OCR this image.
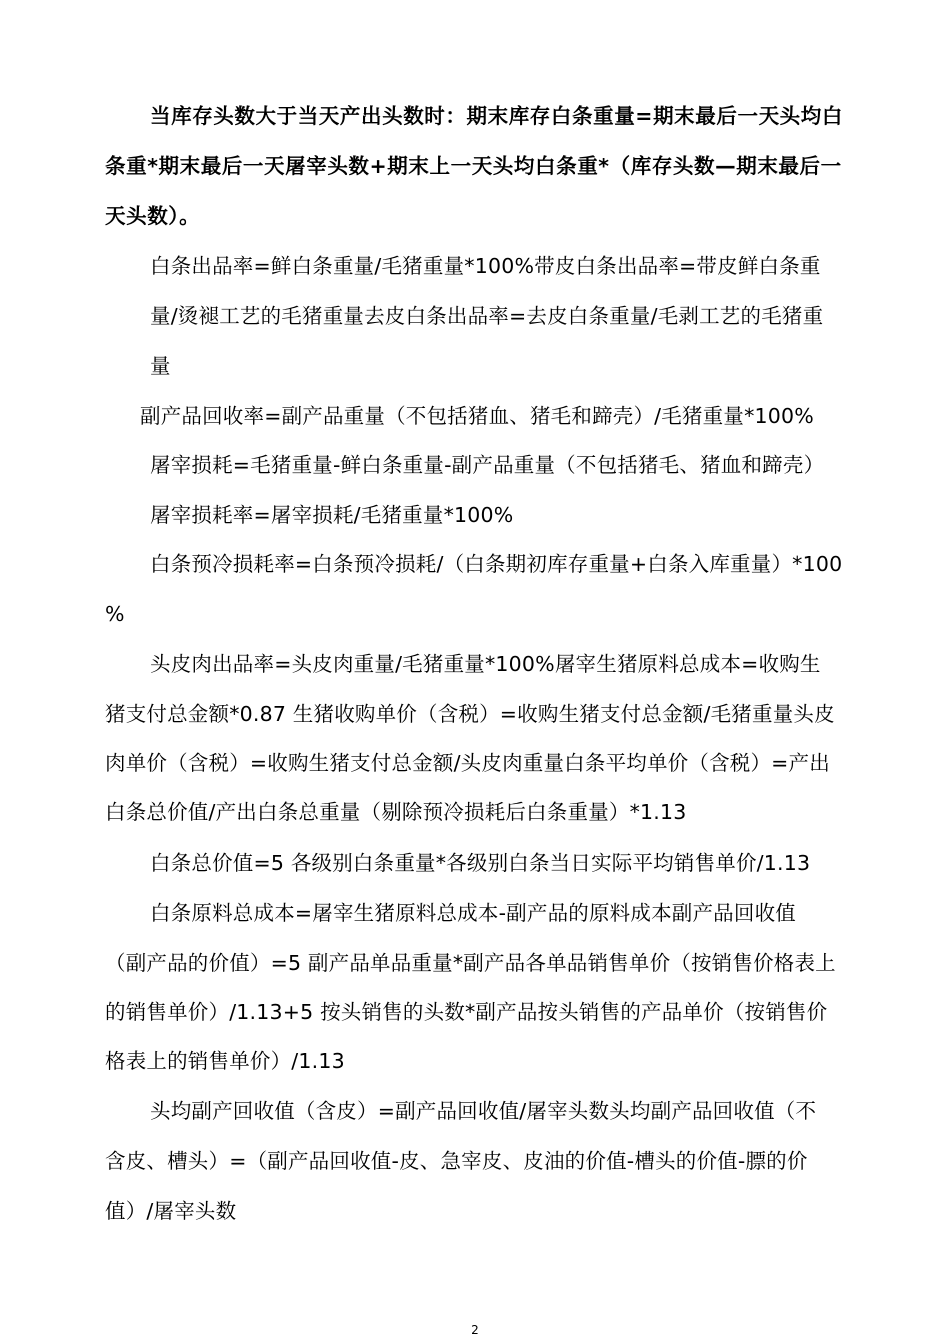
当库存头数大于当天产出头数时：期末库存白条重量=期末最后一天头均白
条重*期末最后一天屠宰头数+期末上一天头均白条重*（库存头数—期末最后一
天头数）。
白条出品率=鲜白条重量/毛猪重量*100%带皮白条出品率=带皮鲜白条重
量/烫褪工艺的毛猪重量去皮白条出品率=去皮白条重量/毛剥工艺的毛猪重
量
副产品回收率=副产品重量（不包括猪血、猪毛和蹄壳）/毛猪重量*100%
屠宰损耗=毛猪重量-鲜白条重量-副产品重量（不包括猪毛、猪血和蹄壳）
屠宰损耗率=屠宰损耗/毛猪重量*100%
白条预冷损耗率=白条预冷损耗/（白条期初库存重量+白条入库重量）*100
%
头皮肉出品率=头皮肉重量/毛猪重量*100%屠宰生猪原料总成本=收购生
猪支付总金额*0.87 生猪收购单价（含税）=收购生猪支付总金额/毛猪重量头皮
肉单价（含税）=收购生猪支付总金额/头皮肉重量白条平均单价（含税）=产出
白条总价值/产出白条总重量（剔除预冷损耗后白条重量）*1.13
白条总价值=5 各级别白条重量*各级别白条当日实际平均销售单价/1.13
白条原料总成本=屠宰生猪原料总成本-副产品的原料成本副产品回收值
（副产品的价值）=5 副产品单品重量*副产品各单品销售单价（按销售价格表上
的销售单价）/1.13+5 按头销售的头数*副产品按头销售的产品单价（按销售价
格表上的销售单价）/1.13
头均副产回收值（含皮）=副产品回收值/屠宰头数头均副产品回收值（不
含皮、槽头）=（副产品回收值-皮、急宰皮、皮油的价值-槽头的价值-膘的价
值）/屠宰头数
2
